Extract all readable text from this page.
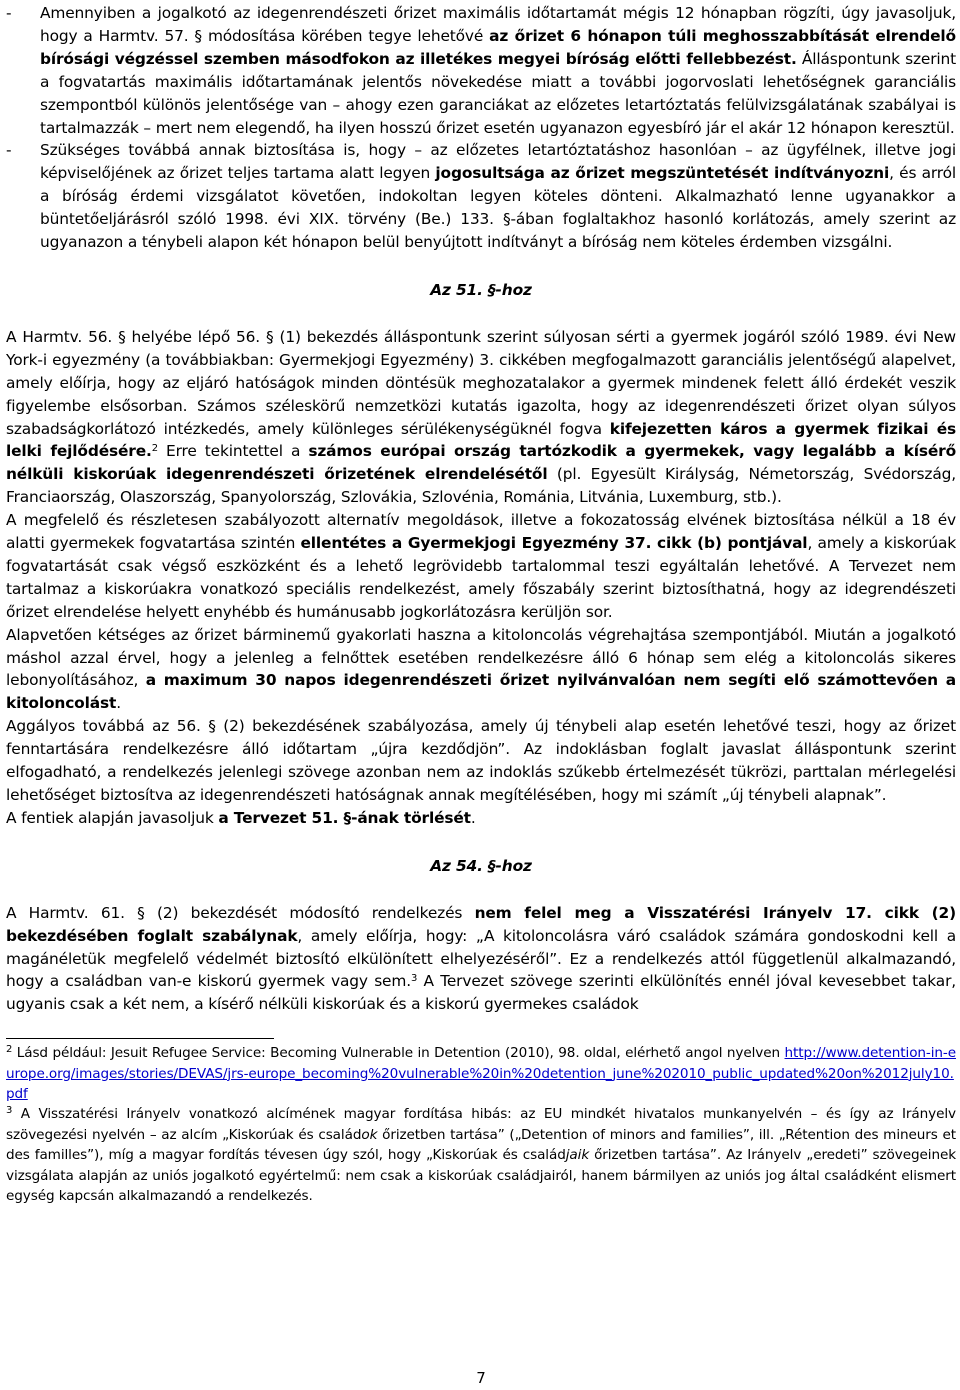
- Amennyiben a jogalkotó az idegenrendészeti őrizet maximális időtartamát mégis 12 hónapban rögzíti, úgy javasoljuk, hogy a Harmtv. 57. § módosítása körében tegye lehetővé az őrizet 6 hónapon túli meghosszabbítását elrendelő bírósági végzéssel szemben másodfokon az illetékes megyei bíróság előtti fellebbezést. Álláspontunk szerint a fogvatartás maximális időtartamának jelentős növekedése miatt a további jogorvoslati lehetőségnek garanciális szempontból különös jelentősége van – ahogy ezen garanciákat az előzetes letartóztatás felülvizsgálatának szabályai is tartalmazzák – mert nem elegendő, ha ilyen hosszú őrizet esetén ugyanazon egyesbíró jár el akár 12 hónapon keresztül.

- Szükséges továbbá annak biztosítása is, hogy – az előzetes letartóztatáshoz hasonlóan – az ügyfélnek, illetve jogi képviselőjének az őrizet teljes tartama alatt legyen jogosultsága az őrizet megszüntetését indítványozni, és arról a bíróság érdemi vizsgálatot követően, indokoltan legyen köteles dönteni. Alkalmazható lenne ugyanakkor a büntetőeljárásról szóló 1998. évi XIX. törvény (Be.) 133. §-ában foglaltakhoz hasonló korlátozás, amely szerint az ugyanazon a ténybeli alapon két hónapon belül benyújtott indítványt a bíróság nem köteles érdemben vizsgálni.

Az 51. §-hoz

A Harmtv. 56. § helyébe lépő 56. § (1) bekezdés álláspontunk szerint súlyosan sérti a gyermek jogáról szóló 1989. évi New York-i egyezmény (a továbbiakban: Gyermekjogi Egyezmény) 3. cikkében megfogalmazott garanciális jelentőségű alapelvet, amely előírja, hogy az eljáró hatóságok minden döntésük meghozatalakor a gyermek mindenek felett álló érdekét veszik figyelembe elsősorban. Számos széleskörű nemzetközi kutatás igazolta, hogy az idegenrendészeti őrizet olyan súlyos szabadságkorlátozó intézkedés, amely különleges sérülékenységüknél fogva kifejezetten káros a gyermek fizikai és lelki fejlődésére.$^2$ Erre tekintettel a számos európai ország tartózkodik a gyermekek, vagy legalább a kísérő nélküli kiskorúak idegenrendészeti őrizetének elrendelésétől (pl. Egyesült Királyság, Németország, Svédország, Franciaország, Olaszország, Spanyolország, Szlovákia, Szlovénia, Románia, Litvánia, Luxemburg, stb.).

A megfelelő és részletesen szabályozott alternatív megoldások, illetve a fokozatosság elvének biztosítása nélkül a 18 év alatti gyermekek fogvatartása szintén ellentétes a Gyermekjogi Egyezmény 37. cikk (b) pontjával, amely a kiskorúak fogvatartását csak végső eszközként és a lehető legrövidebb tartalommal teszi egyáltalán lehetővé. A Tervezet nem tartalmaz a kiskorúakra vonatkozó speciális rendelkezést, amely főszabály szerint biztosíthatná, hogy az idegrendészeti őrizet elrendelése helyett enyhébb és humánusabb jogkorlátozásra kerüljön sor.

Alapvetően kétséges az őrizet bárminemű gyakorlati haszna a kitoloncolás végrehajtása szempontjából. Miután a jogalkotó máshol azzal érvel, hogy a jelenleg a felnőttek esetében rendelkezésre álló 6 hónap sem elég a kitoloncolás sikeres lebonyolításához, a maximum 30 napos idegenrendészeti őrizet nyilvánvalóan nem segíti elő számottevően a kitoloncolást.

Aggályos továbbá az 56. § (2) bekezdésének szabályozása, amely új ténybeli alap esetén lehetővé teszi, hogy az őrizet fenntartására rendelkezésre álló időtartam „újra kezdődjön”. Az indoklásban foglalt javaslat álláspontunk szerint elfogadható, a rendelkezés jelenlegi szövege azonban nem az indoklás szűkebb értelmezését tükrözi, parttalan mérlegelési lehetőséget biztosítva az idegenrendészeti hatóságnak annak megítélésében, hogy mi számít „új ténybeli alapnak”.

A fentiek alapján javasoljuk a Tervezet 51. §-ának törlését.

Az 54. §-hoz

A Harmtv. 61. § (2) bekezdését módosító rendelkezés nem felel meg a Visszatérési Irányelv 17. cikk (2) bekezdésében foglalt szabálynak, amely előírja, hogy: „A kitoloncolásra váró családok számára gondoskodni kell a magánéletük megfelelő védelmét biztosító elkülönített elhelyezéséről”. Ez a rendelkezés attól függetlenül alkalmazandó, hogy a családban van-e kiskorú gyermek vagy sem.$^3$ A Tervezet szövege szerinti elkülönítés ennél jóval kevesebbet takar, ugyanis csak a két nem, a kísérő nélküli kiskorúak és a kiskorú gyermekes családok

$^2$ Lásd például: Jesuit Refugee Service: Becoming Vulnerable in Detention (2010), 98. oldal, elérhető angol nyelven http://www.detention-in-europe.org/images/stories/DEVAS/jrs-europe_becoming%20vulnerable%20in%20detention_june%202010_public_updated%20on%2012july10.pdf

$^3$ A Visszatérési Irányelv vonatkozó alcímének magyar fordítása hibás: az EU mindkét hivatalos munkanyelvén – és így az Irányelv szövegezési nyelvén – az alcím „Kiskorúak és családok őrizetben tartása” („Detention of minors and families”, ill. „Rétention des mineurs et des familles”), míg a magyar fordítás tévesen úgy szól, hogy „Kiskorúak és családjaik őrizetben tartása”. Az Irányelv „eredeti” szövegeinek vizsgálata alapján az uniós jogalkotó egyértelmű: nem csak a kiskorúak családjairól, hanem bármilyen az uniós jog által családként elismert egység kapcsán alkalmazandó a rendelkezés.

7
